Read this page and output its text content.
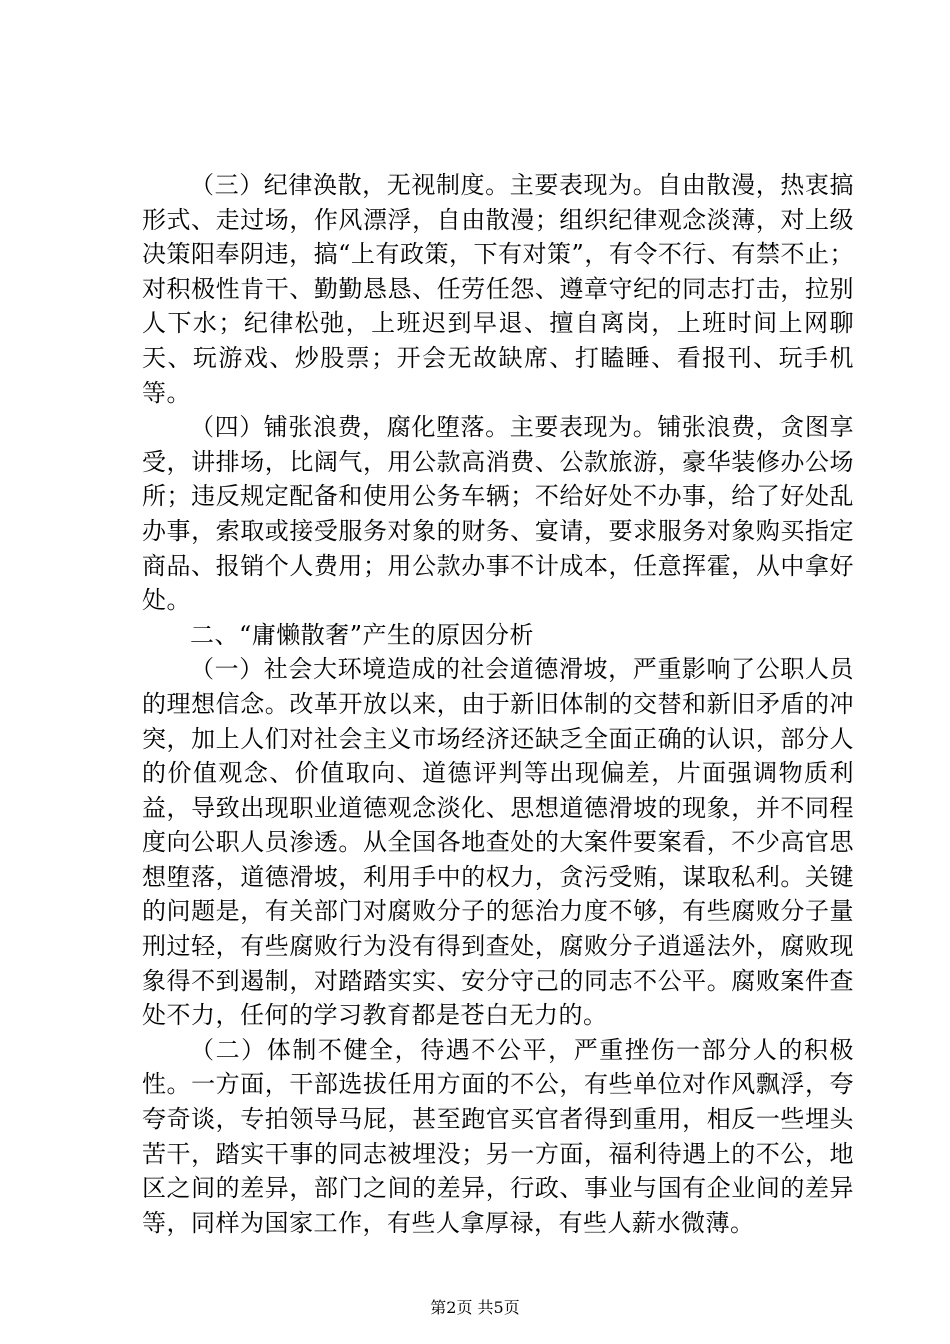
（三）纪律涣散，无视制度。主要表现为。自由散漫，热衷搞形式、走过场，作风漂浮，自由散漫；组织纪律观念淡薄，对上级决策阳奉阴违，搞“上有政策，下有对策”，有令不行、有禁不止；对积极性肯干、勤勤恳恳、任劳任怨、遵章守纪的同志打击，拉别人下水；纪律松弛，上班迟到早退、擅自离岗，上班时间上网聊天、玩游戏、炒股票；开会无故缺席、打瞌睡、看报刊、玩手机等。

（四）铺张浪费，腐化堕落。主要表现为。铺张浪费，贪图享受，讲排场，比阔气，用公款高消费、公款旅游，豪华装修办公场所；违反规定配备和使用公务车辆；不给好处不办事，给了好处乱办事，索取或接受服务对象的财务、宴请，要求服务对象购买指定商品、报销个人费用；用公款办事不计成本，任意挥霍，从中拿好处。

二、“庸懒散奢”产生的原因分析

（一）社会大环境造成的社会道德滑坡，严重影响了公职人员的理想信念。改革开放以来，由于新旧体制的交替和新旧矛盾的冲突，加上人们对社会主义市场经济还缺乏全面正确的认识，部分人的价值观念、价值取向、道德评判等出现偏差，片面强调物质利益，导致出现职业道德观念淡化、思想道德滑坡的现象，并不同程度向公职人员渗透。从全国各地查处的大案件要案看，不少高官思想堕落，道德滑坡，利用手中的权力，贪污受贿，谋取私利。关键的问题是，有关部门对腐败分子的惩治力度不够，有些腐败分子量刑过轻，有些腐败行为没有得到查处，腐败分子逍遥法外，腐败现象得不到遏制，对踏踏实实、安分守己的同志不公平。腐败案件查处不力，任何的学习教育都是苍白无力的。

（二）体制不健全，待遇不公平，严重挫伤一部分人的积极性。一方面，干部选拔任用方面的不公，有些单位对作风飘浮，夸夸奇谈，专拍领导马屁，甚至跑官买官者得到重用，相反一些埋头苦干，踏实干事的同志被埋没；另一方面，福利待遇上的不公，地区之间的差异，部门之间的差异，行政、事业与国有企业间的差异等，同样为国家工作，有些人拿厚禄，有些人薪水微薄。

第2页 共5页
